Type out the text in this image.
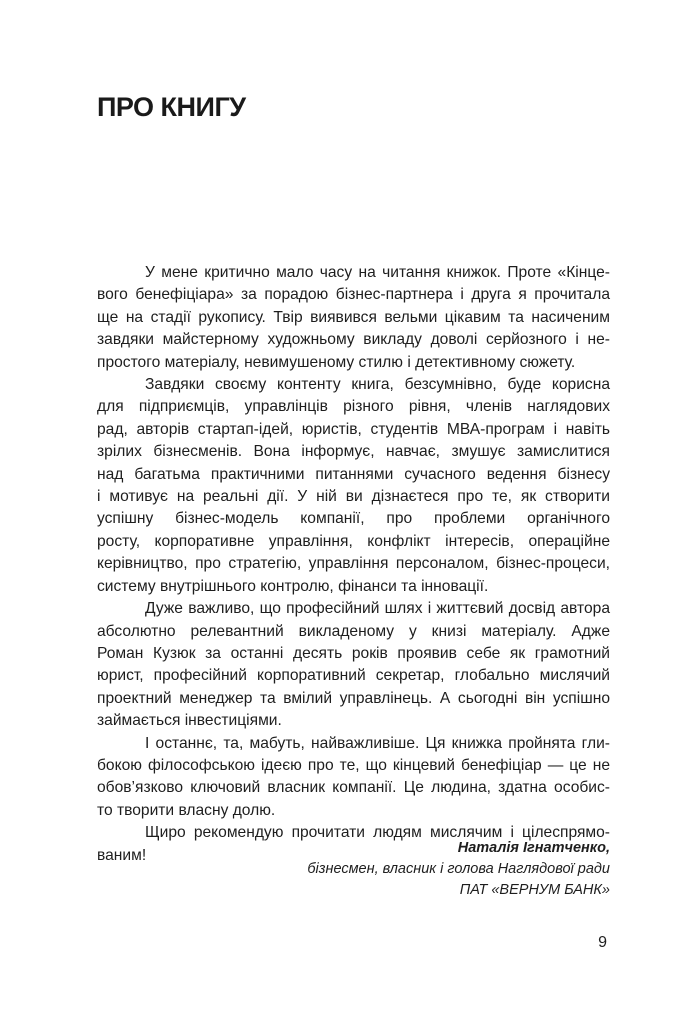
ПРО КНИГУ
У мене критично мало часу на читання книжок. Проте «Кінце-
вого бенефіціара» за порадою бізнес-партнера і друга я прочитала
ще на стадії рукопису. Твір виявився вельми цікавим та насиченим
завдяки майстерному художньому викладу доволі серйозного і не-
простого матеріалу, невимушеному стилю і детективному сюжету.
Завдяки своєму контенту книга, безсумнівно, буде корисна
для підприємців, управлінців різного рівня, членів наглядових
рад, авторів стартап-ідей, юристів, студентів МВА-програм і навіть
зрілих бізнесменів. Вона інформує, навчає, змушує замислитися
над багатьма практичними питаннями сучасного ведення бізнесу
і мотивує на реальні дії. У ній ви дізнаєтеся про те, як створити
успішну бізнес-модель компанії, про проблеми органічного
росту, корпоративне управління, конфлікт інтересів, операційне
керівництво, про стратегію, управління персоналом, бізнес-процеси,
систему внутрішнього контролю, фінанси та інновації.
Дуже важливо, що професійний шлях і життєвий досвід автора
абсолютно релевантний викладеному у книзі матеріалу. Адже
Роман Кузюк за останні десять років проявив себе як грамотний
юрист, професійний корпоративний секретар, глобально мислячий
проектний менеджер та вмілий управлінець. А сьогодні він успішно
займається інвестиціями.
І останнє, та, мабуть, найважливіше. Ця книжка пройнята гли-
бокою філософською ідеєю про те, що кінцевий бенефіціар — це не
обов’язково ключовий власник компанії. Це людина, здатна особис-
то творити власну долю.
Щиро рекомендую прочитати людям мислячим і цілеспрямо-
ваним!	Наталія Ігнатченко,
бізнесмен, власник і голова Наглядової ради
ПАТ «ВЕРНУМ БАНК»
9
